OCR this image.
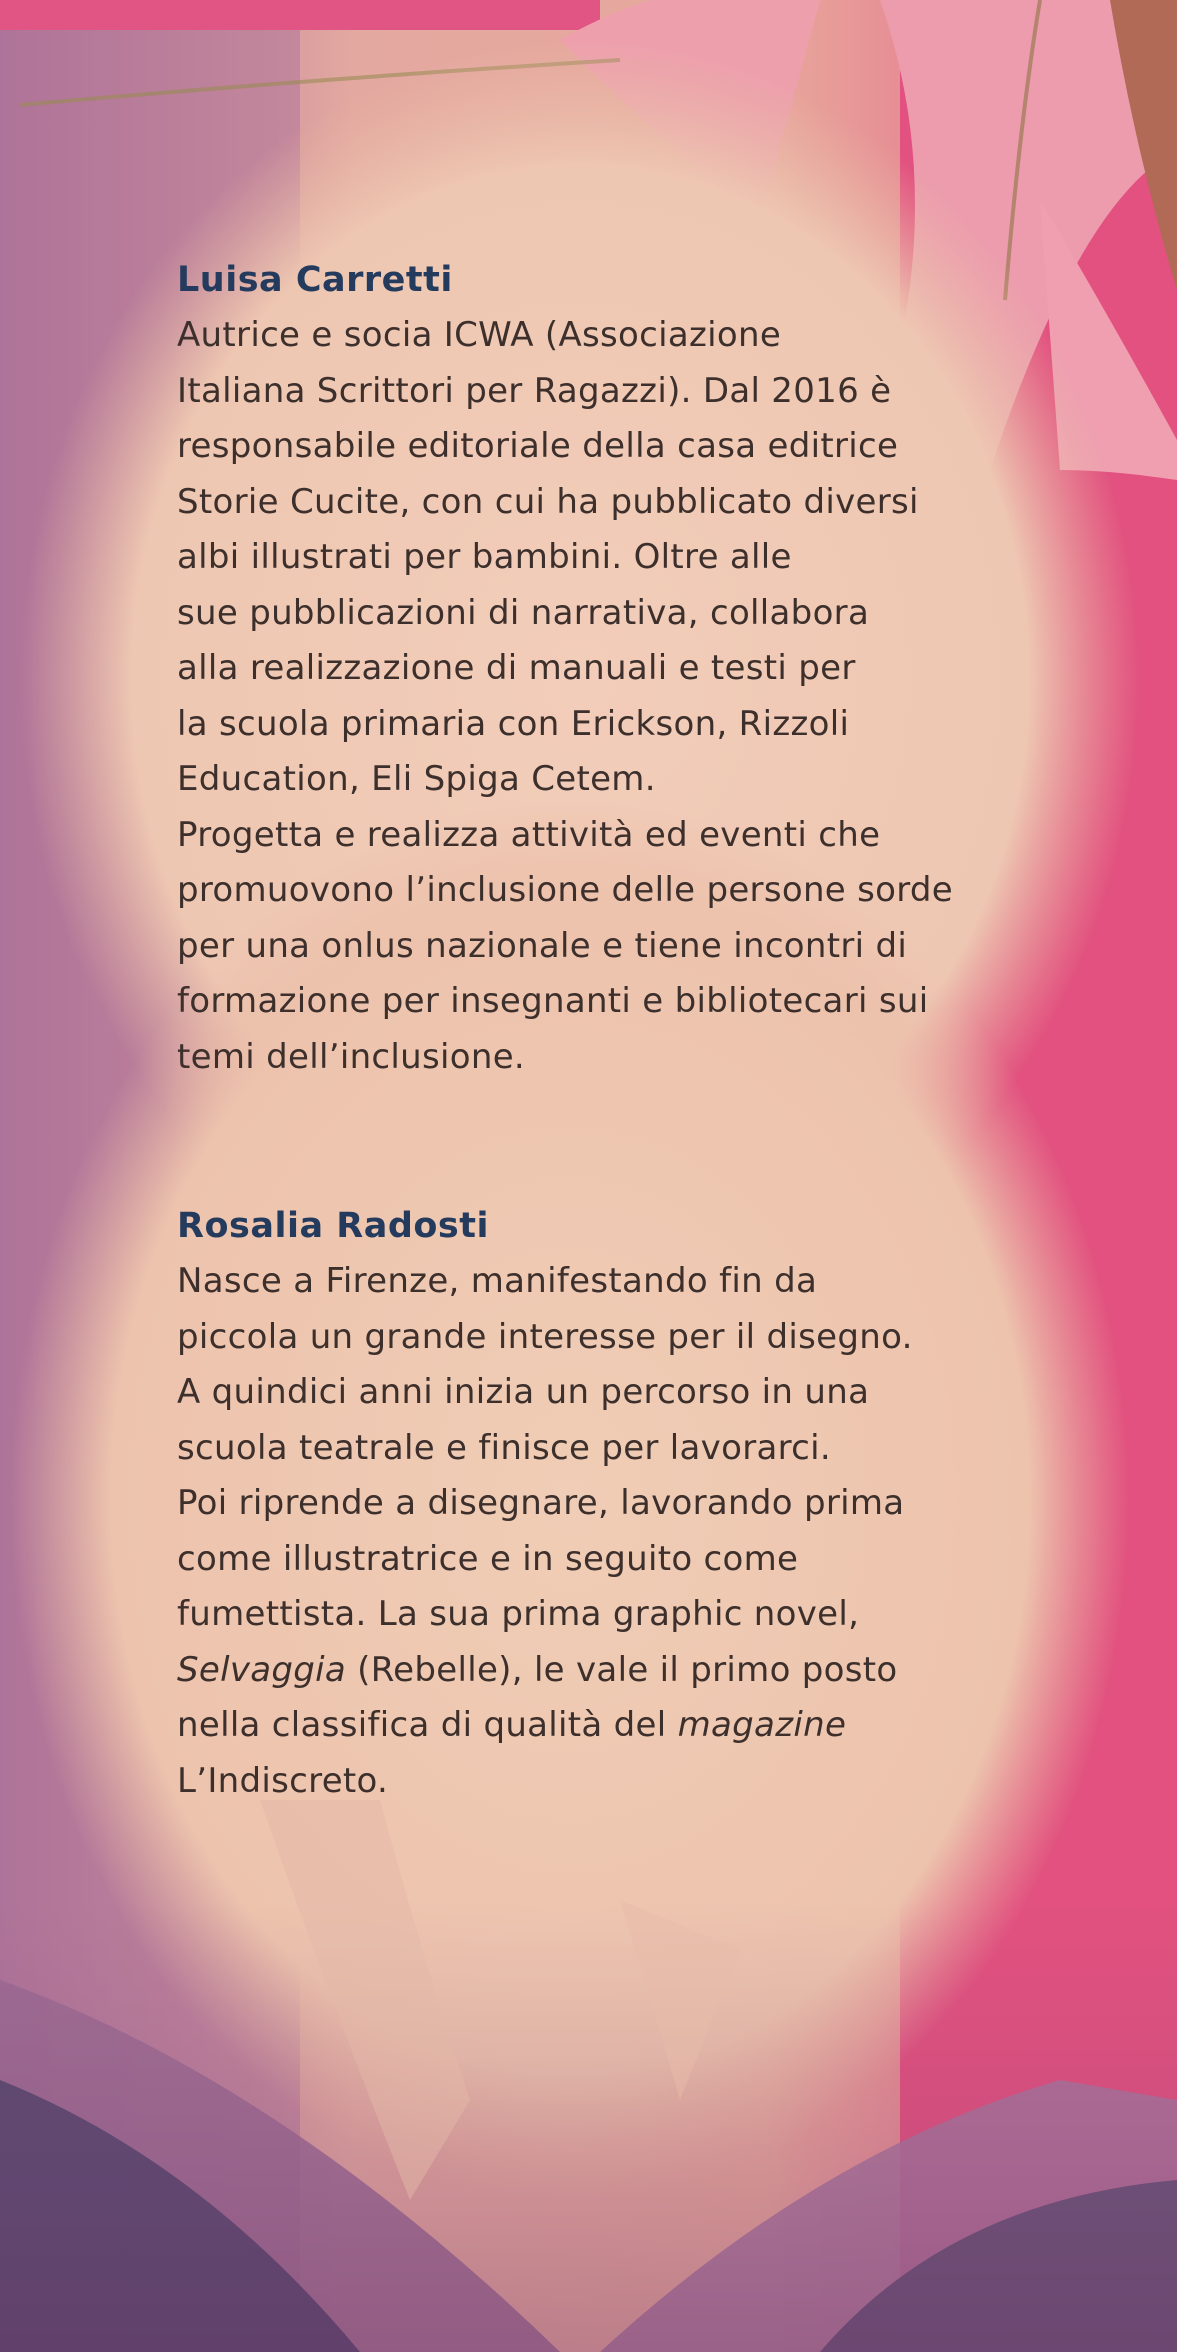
Luisa Carretti
Autrice e socia ICWA (Associazione
Italiana Scrittori per Ragazzi). Dal 2016 è
responsabile editoriale della casa editrice
Storie Cucite, con cui ha pubblicato diversi
albi illustrati per bambini. Oltre alle
sue pubblicazioni di narrativa, collabora
alla realizzazione di manuali e testi per
la scuola primaria con Erickson, Rizzoli
Education, Eli Spiga Cetem.
Progetta e realizza attività ed eventi che
promuovono l’inclusione delle persone sorde
per una onlus nazionale e tiene incontri di
formazione per insegnanti e bibliotecari sui
temi dell’inclusione.
Rosalia Radosti
Nasce a Firenze, manifestando fin da
piccola un grande interesse per il disegno.
A quindici anni inizia un percorso in una
scuola teatrale e finisce per lavorarci.
Poi riprende a disegnare, lavorando prima
come illustratrice e in seguito come
fumettista. La sua prima graphic novel,
Selvaggia (Rebelle), le vale il primo posto
nella classifica di qualità del magazine
L’Indiscreto.
